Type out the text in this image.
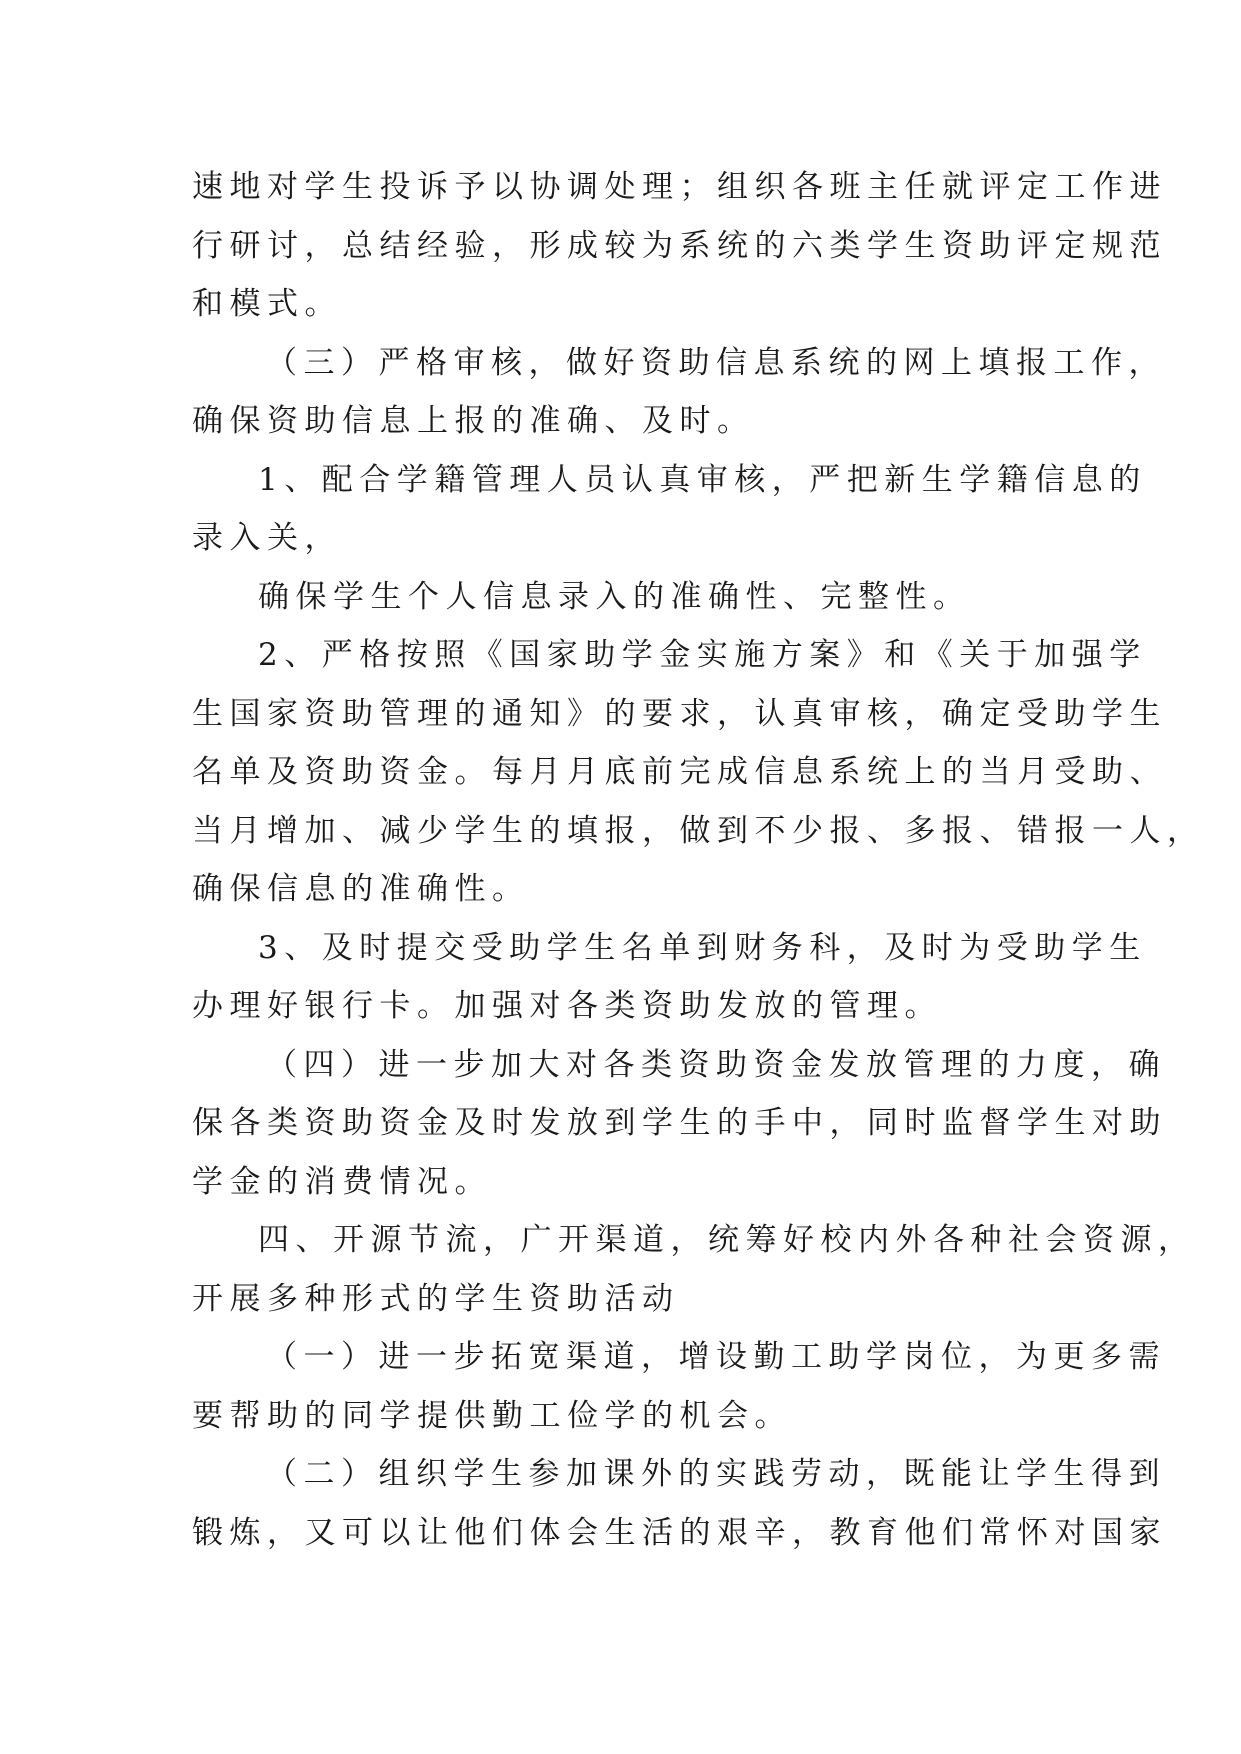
速地对学生投诉予以协调处理；组织各班主任就评定工作进
行研讨，总结经验，形成较为系统的六类学生资助评定规范
和模式。
（三）严格审核，做好资助信息系统的网上填报工作，
确保资助信息上报的准确、及时。
1、配合学籍管理人员认真审核，严把新生学籍信息的
录入关，
确保学生个人信息录入的准确性、完整性。
2、严格按照《国家助学金实施方案》和《关于加强学
生国家资助管理的通知》的要求，认真审核，确定受助学生
名单及资助资金。每月月底前完成信息系统上的当月受助、
当月增加、减少学生的填报，做到不少报、多报、错报一人，
确保信息的准确性。
3、及时提交受助学生名单到财务科，及时为受助学生
办理好银行卡。加强对各类资助发放的管理。
（四）进一步加大对各类资助资金发放管理的力度，确
保各类资助资金及时发放到学生的手中，同时监督学生对助
学金的消费情况。
四、开源节流，广开渠道，统筹好校内外各种社会资源，
开展多种形式的学生资助活动
（一）进一步拓宽渠道，增设勤工助学岗位，为更多需
要帮助的同学提供勤工俭学的机会。
（二）组织学生参加课外的实践劳动，既能让学生得到
锻炼，又可以让他们体会生活的艰辛，教育他们常怀对国家
